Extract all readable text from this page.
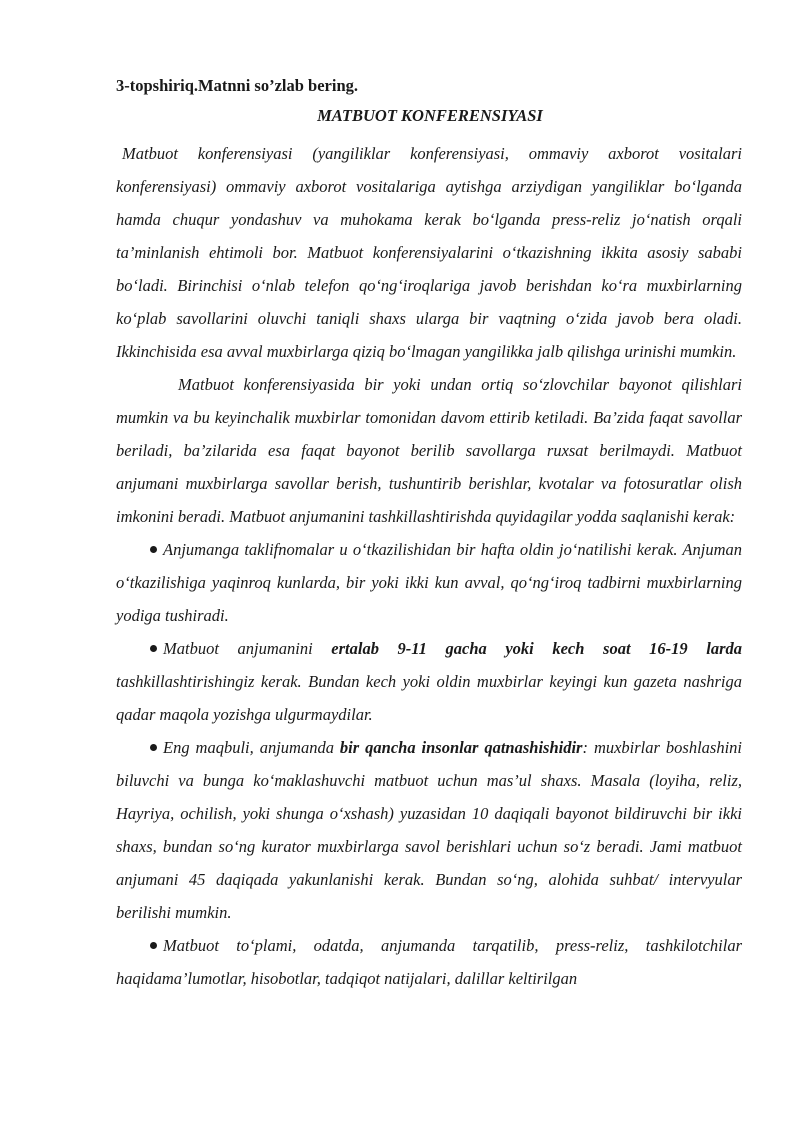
3-topshiriq.Matnni so’zlab bering.
MATBUOT KONFERENSIYASI

Matbuot konferensiyasi (yangiliklar konferensiyasi, ommaviy axborot vositalari konferensiyasi) ommaviy axborot vositalariga aytishga arziydigan yangiliklar bo‘lganda hamda chuqur yondashuv va muhokama kerak bo‘lganda press-reliz jo‘natish orqali ta’minlanish ehtimoli bor. Matbuot konferensiyalarini o‘tkazishning ikkita asosiy sababi bo‘ladi. Birinchisi o‘nlab telefon qo‘ng‘iroqlariga javob berishdan ko‘ra muxbirlarning ko‘plab savollarini oluvchi taniqli shaxs ularga bir vaqtning o‘zida javob bera oladi. Ikkinchisida esa avval muxbirlarga qiziq bo‘lmagan yangilikka jalb qilishga urinishi mumkin.

Matbuot konferensiyasida bir yoki undan ortiq so‘zlovchilar bayonot qilishlari mumkin va bu keyinchalik muxbirlar tomonidan davom ettirib ketiladi. Ba’zida faqat savollar beriladi, ba’zilarida esa faqat bayonot berilib savollarga ruxsat berilmaydi. Matbuot anjumani muxbirlarga savollar berish, tushuntirib berishlar, kvotalar va fotosuratlar olish imkonini beradi. Matbuot anjumanini tashkillashtirishda quyidagilar yodda saqlanishi kerak:

Anjumanga taklifnomalar u o‘tkazilishidan bir hafta oldin jo‘natilishi kerak. Anjuman o‘tkazilishiga yaqinroq kunlarda, bir yoki ikki kun avval, qo‘ng‘iroq tadbirni muxbirlarning yodiga tushiradi.

Matbuot anjumanini ertalab 9-11 gacha yoki kech soat 16-19 larda tashkillashtirishingiz kerak. Bundan kech yoki oldin muxbirlar keyingi kun gazeta nashriga qadar maqola yozishga ulgurmaydilar.

Eng maqbuli, anjumanda bir qancha insonlar qatnashishidir: muxbirlar boshlashini biluvchi va bunga ko‘maklashuvchi matbuot uchun mas’ul shaxs. Masala (loyiha, reliz, Hayriya, ochilish, yoki shunga o‘xshash) yuzasidan 10 daqiqali bayonot bildiruvchi bir ikki shaxs, bundan so‘ng kurator muxbirlarga savol berishlari uchun so‘z beradi. Jami matbuot anjumani 45 daqiqada yakunlanishi kerak. Bundan so‘ng, alohida suhbat/ intervyular berilishi mumkin.

Matbuot to‘plami, odatda, anjumanda tarqatilib, press-reliz, tashkilotchilar haqidama’lumotlar, hisobotlar, tadqiqot natijalari, dalillar keltirilgan
